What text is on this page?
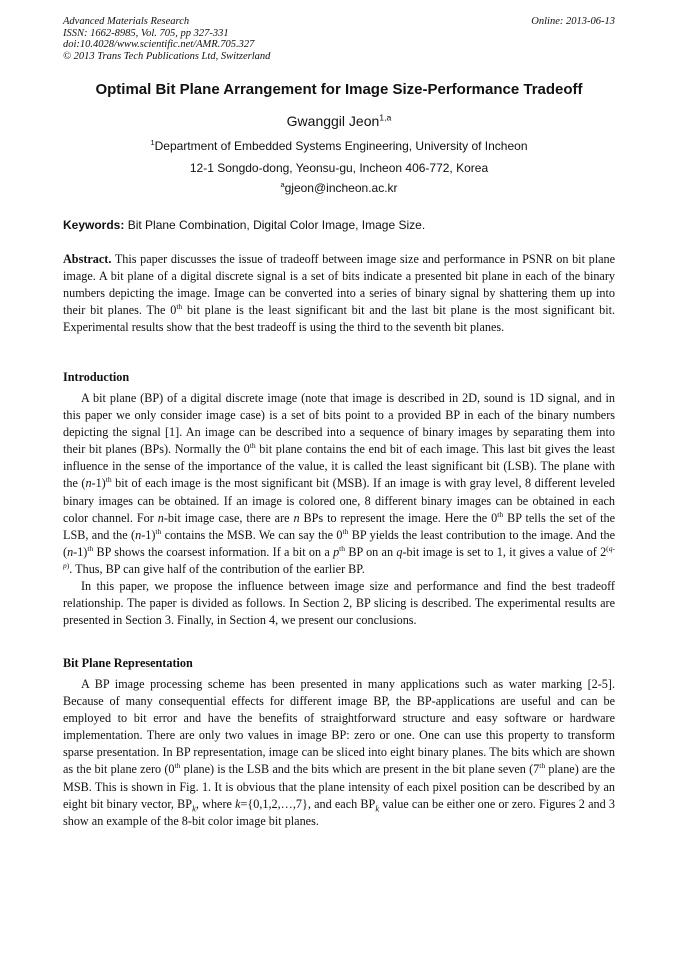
Advanced Materials Research
ISSN: 1662-8985, Vol. 705, pp 327-331
doi:10.4028/www.scientific.net/AMR.705.327
© 2013 Trans Tech Publications Ltd, Switzerland
Online: 2013-06-13
Optimal Bit Plane Arrangement for Image Size-Performance Tradeoff
Gwanggil Jeon$^{1,a}$
$^1$Department of Embedded Systems Engineering, University of Incheon
12-1 Songdo-dong, Yeonsu-gu, Incheon 406-772, Korea
$^a$gjeon@incheon.ac.kr
Keywords: Bit Plane Combination, Digital Color Image, Image Size.

Abstract. This paper discusses the issue of tradeoff between image size and performance in PSNR on bit plane image. A bit plane of a digital discrete signal is a set of bits indicate a presented bit plane in each of the binary numbers depicting the image. Image can be converted into a series of binary signal by shattering them up into their bit planes. The 0th bit plane is the least significant bit and the last bit plane is the most significant bit. Experimental results show that the best tradeoff is using the third to the seventh bit planes.

Introduction

A bit plane (BP) of a digital discrete image (note that image is described in 2D, sound is 1D signal, and in this paper we only consider image case) is a set of bits point to a provided BP in each of the binary numbers depicting the signal [1]. An image can be described into a sequence of binary images by separating them into their bit planes (BPs). Normally the 0th bit plane contains the end bit of each image. This last bit gives the least influence in the sense of the importance of the value, it is called the least significant bit (LSB). The plane with the $(n-1)^{th}$ bit of each image is the most significant bit (MSB). If an image is with gray level, 8 different leveled binary images can be obtained. If an image is colored one, 8 different binary images can be obtained in each color channel. For n-bit image case, there are n BPs to represent the image. Here the 0th BP tells the set of the LSB, and the $(n-1)^{th}$ contains the MSB. We can say the 0th BP yields the least contribution to the image. And the $(n-1)^{th}$ BP shows the coarsest information. If a bit on a $p^{th}$ BP on an q-bit image is set to 1, it gives a value of 2$^{(q-p)}$. Thus, BP can give half of the contribution of the earlier BP.

In this paper, we propose the influence between image size and performance and find the best tradeoff relationship. The paper is divided as follows. In Section 2, BP slicing is described. The experimental results are presented in Section 3. Finally, in Section 4, we present our conclusions.

Bit Plane Representation

A BP image processing scheme has been presented in many applications such as water marking [2-5]. Because of many consequential effects for different image BP, the BP-applications are useful and can be employed to bit error and have the benefits of straightforward structure and easy software or hardware implementation. There are only two values in image BP: zero or one. One can use this property to transform sparse presentation. In BP representation, image can be sliced into eight binary planes. The bits which are shown as the bit plane zero (0th plane) is the LSB and the bits which are present in the bit plane seven (7th plane) are the MSB. This is shown in Fig. 1. It is obvious that the plane intensity of each pixel position can be described by an eight bit binary vector, $BP_k$, where k={0,1,2,…,7}, and each $BP_k$ value can be either one or zero. Figures 2 and 3 show an example of the 8-bit color image bit planes.
